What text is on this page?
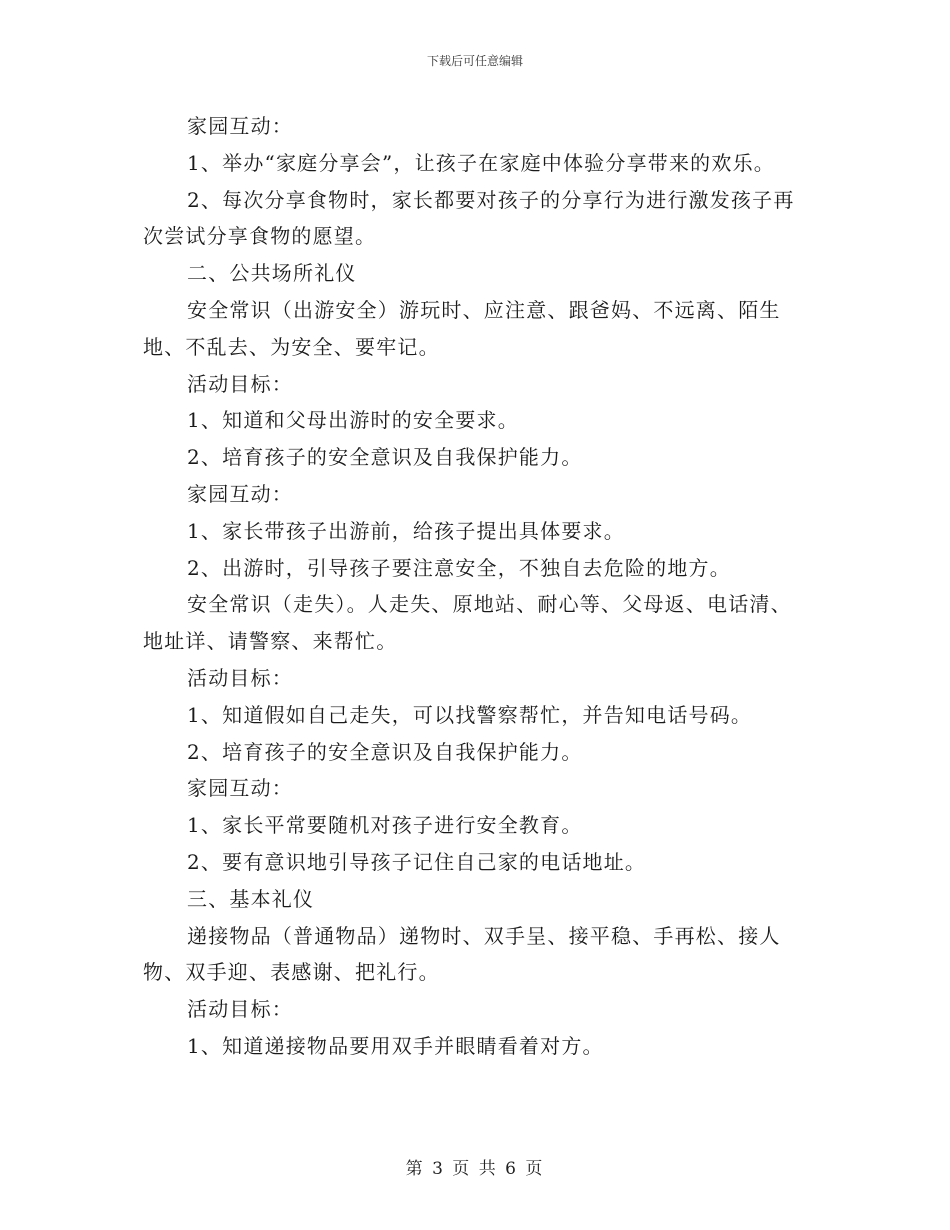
下载后可任意编辑
家园互动：
1、举办“家庭分享会”，让孩子在家庭中体验分享带来的欢乐。
2、每次分享食物时，家长都要对孩子的分享行为进行激发孩子再
次尝试分享食物的愿望。
二、公共场所礼仪
安全常识（出游安全）游玩时、应注意、跟爸妈、不远离、陌生
地、不乱去、为安全、要牢记。
活动目标：
1、知道和父母出游时的安全要求。
2、培育孩子的安全意识及自我保护能力。
家园互动：
1、家长带孩子出游前，给孩子提出具体要求。
2、出游时，引导孩子要注意安全，不独自去危险的地方。
安全常识（走失）。人走失、原地站、耐心等、父母返、电话清、
地址详、请警察、来帮忙。
活动目标：
1、知道假如自己走失，可以找警察帮忙，并告知电话号码。
2、培育孩子的安全意识及自我保护能力。
家园互动：
1、家长平常要随机对孩子进行安全教育。
2、要有意识地引导孩子记住自己家的电话地址。
三、基本礼仪
递接物品（普通物品）递物时、双手呈、接平稳、手再松、接人
物、双手迎、表感谢、把礼行。
活动目标：
1、知道递接物品要用双手并眼睛看着对方。
第 3 页 共 6 页
